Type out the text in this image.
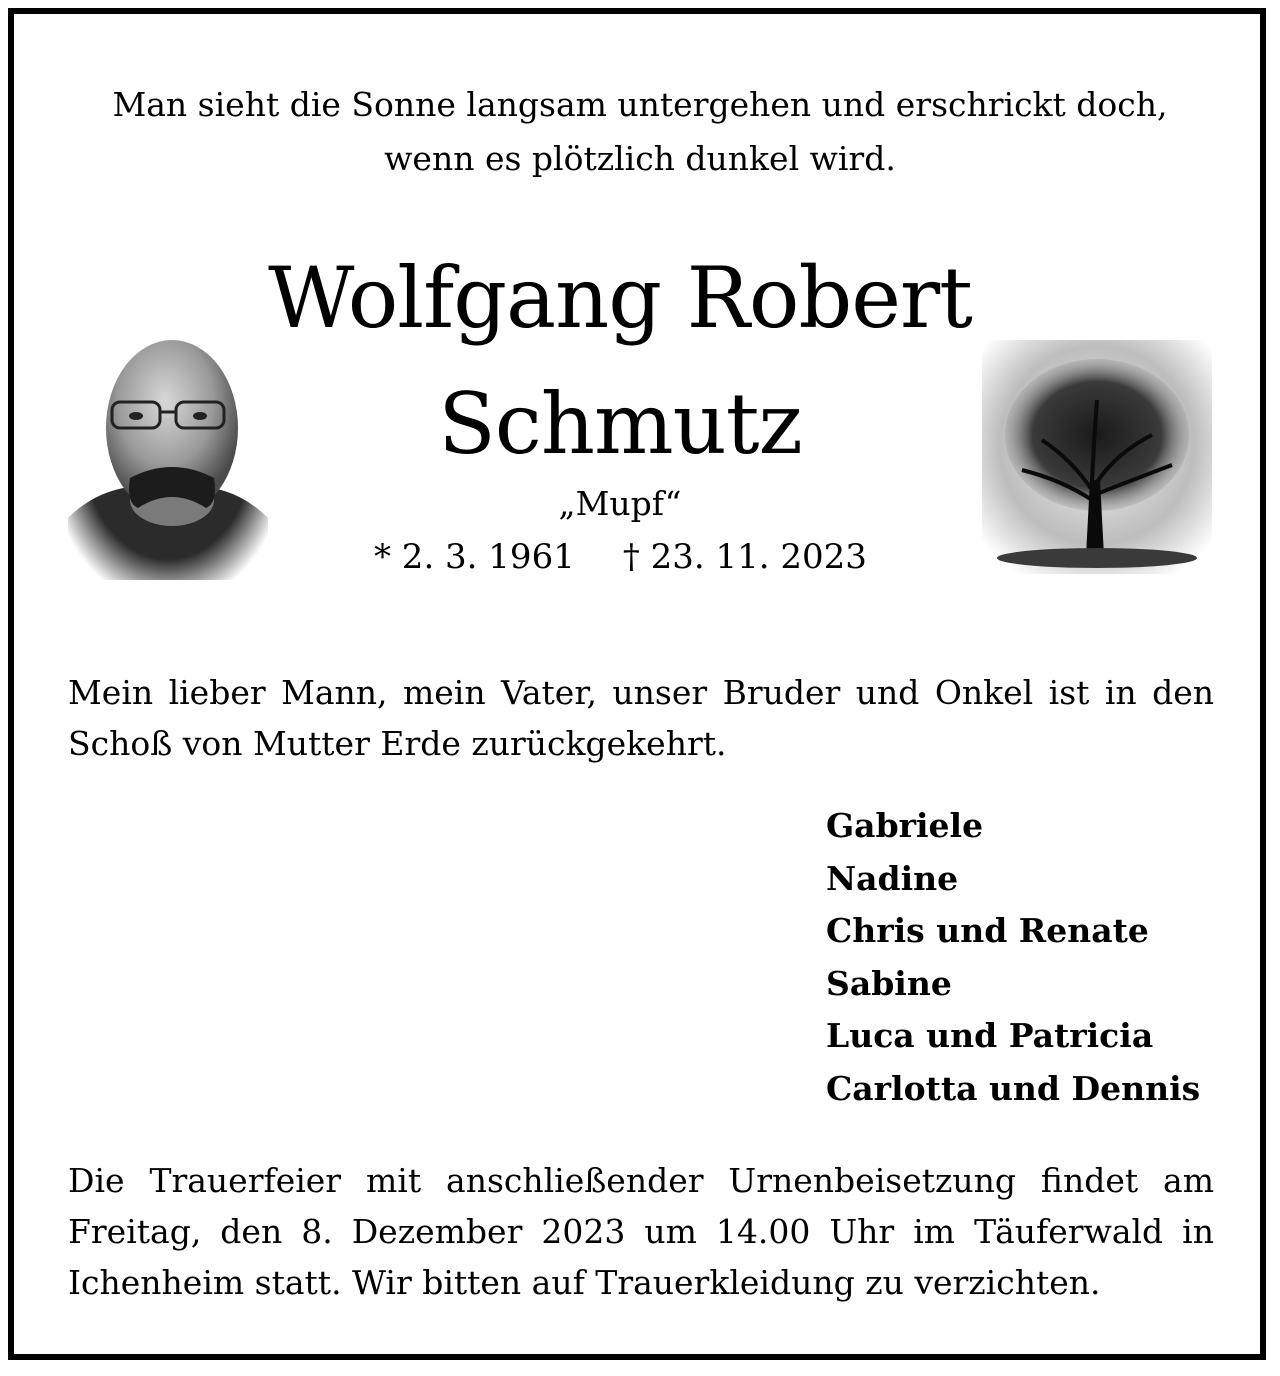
Man sieht die Sonne langsam untergehen und erschrickt doch,
wenn es plötzlich dunkel wird.
Wolfgang Robert
Schmutz
„Mupf“
* 2. 3. 1961 † 23. 11. 2023
Mein lieber Mann, mein Vater, unser Bruder und Onkel ist in den
Schoß von Mutter Erde zurückgekehrt.
Gabriele
Nadine
Chris und Renate
Sabine
Luca und Patricia
Carlotta und Dennis
Die Trauerfeier mit anschließender Urnenbeisetzung findet am
Freitag, den 8. Dezember 2023 um 14.00 Uhr im Täuferwald in
Ichenheim statt. Wir bitten auf Trauerkleidung zu verzichten.
